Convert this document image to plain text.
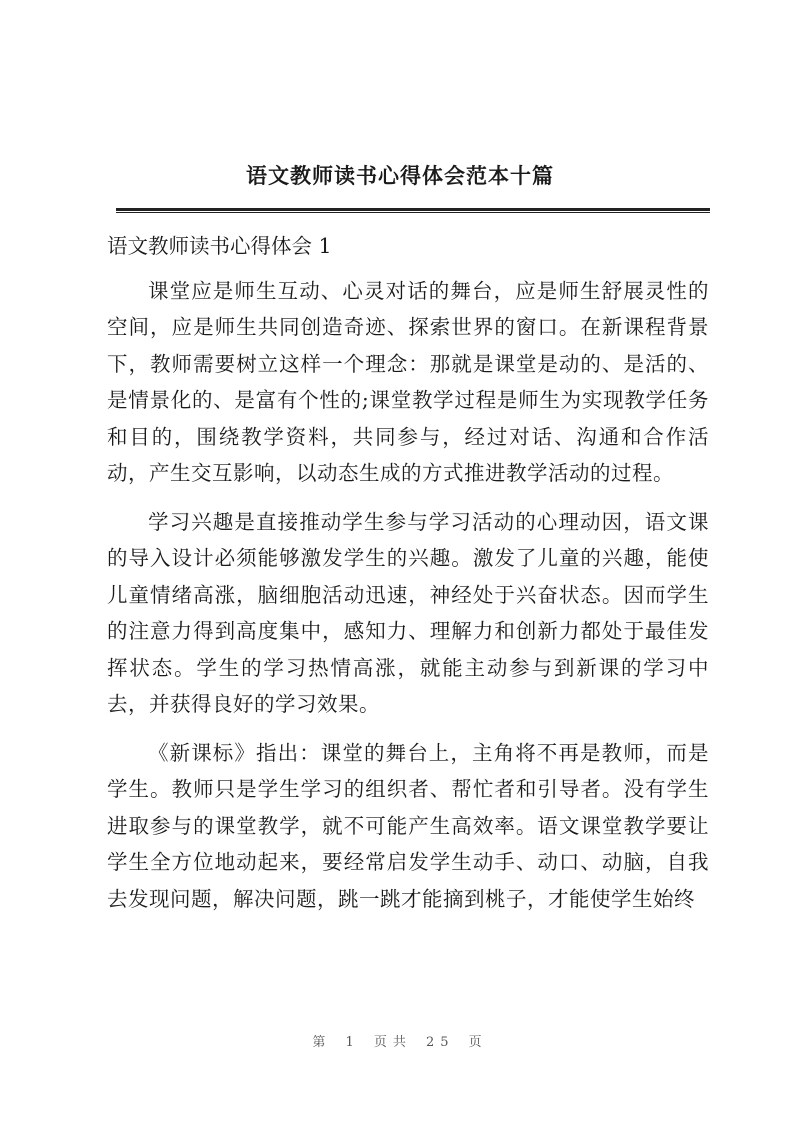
语文教师读书心得体会范本十篇
语文教师读书心得体会 1

课堂应是师生互动、心灵对话的舞台，应是师生舒展灵性的空间，应是师生共同创造奇迹、探索世界的窗口。在新课程背景下，教师需要树立这样一个理念：那就是课堂是动的、是活的、是情景化的、是富有个性的;课堂教学过程是师生为实现教学任务和目的，围绕教学资料，共同参与，经过对话、沟通和合作活动，产生交互影响，以动态生成的方式推进教学活动的过程。

学习兴趣是直接推动学生参与学习活动的心理动因，语文课的导入设计必须能够激发学生的兴趣。激发了儿童的兴趣，能使儿童情绪高涨，脑细胞活动迅速，神经处于兴奋状态。因而学生的注意力得到高度集中，感知力、理解力和创新力都处于最佳发挥状态。学生的学习热情高涨，就能主动参与到新课的学习中去，并获得良好的学习效果。

《新课标》指出：课堂的舞台上，主角将不再是教师，而是学生。教师只是学生学习的组织者、帮忙者和引导者。没有学生进取参与的课堂教学，就不可能产生高效率。语文课堂教学要让学生全方位地动起来，要经常启发学生动手、动口、动脑，自我去发现问题，解决问题，跳一跳才能摘到桃子，才能使学生始终

第 1 页共 25 页
